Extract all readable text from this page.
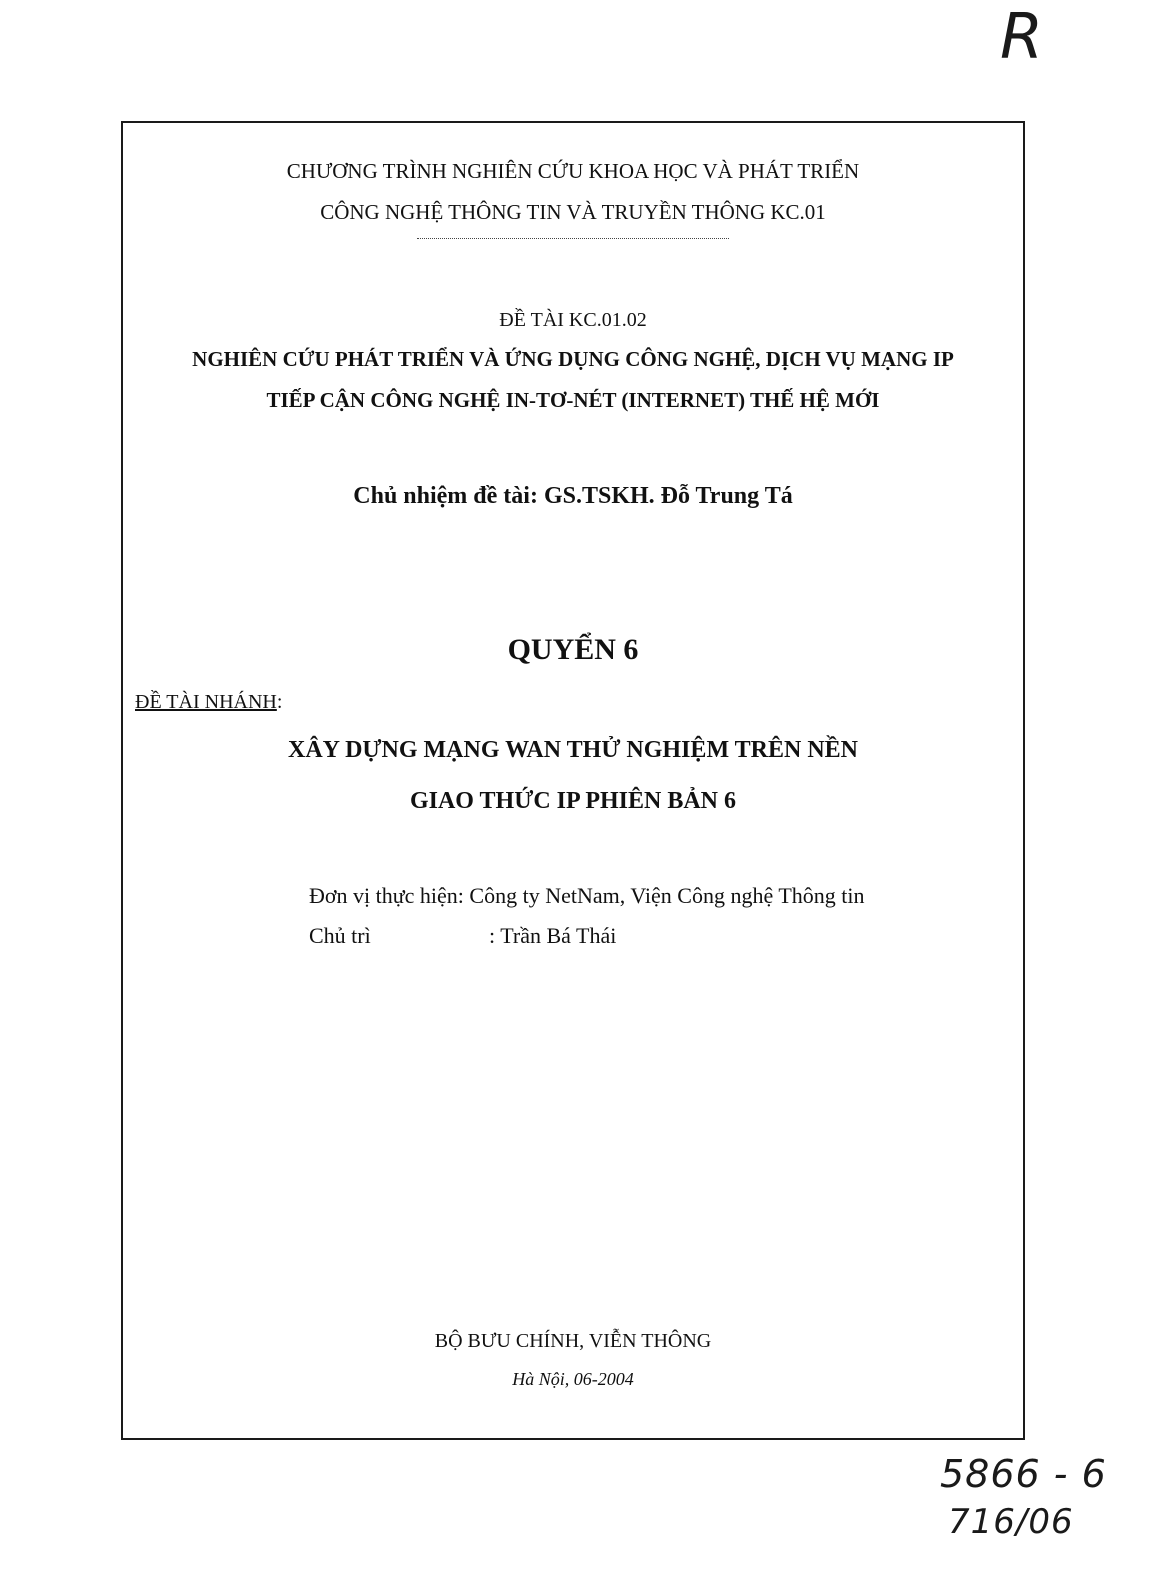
R
CHƯƠNG TRÌNH NGHIÊN CỨU KHOA HỌC VÀ PHÁT TRIỂN
CÔNG NGHỆ THÔNG TIN VÀ TRUYỀN THÔNG KC.01
ĐỀ TÀI KC.01.02
NGHIÊN CỨU PHÁT TRIỂN VÀ ỨNG DỤNG CÔNG NGHỆ, DỊCH VỤ MẠNG IP
TIẾP CẬN CÔNG NGHỆ IN-TƠ-NÉT (INTERNET) THẾ HỆ MỚI
Chủ nhiệm đề tài: GS.TSKH. Đỗ Trung Tá
QUYỂN 6
ĐỀ TÀI NHÁNH:
XÂY DỰNG MẠNG WAN THỬ NGHIỆM TRÊN NỀN
GIAO THỨC IP PHIÊN BẢN 6
Đơn vị thực hiện: Công ty NetNam, Viện Công nghệ Thông tin
Chủ trì	: Trần Bá Thái
BỘ BƯU CHÍNH, VIỄN THÔNG
Hà Nội, 06-2004
5866 - 6
716/06
